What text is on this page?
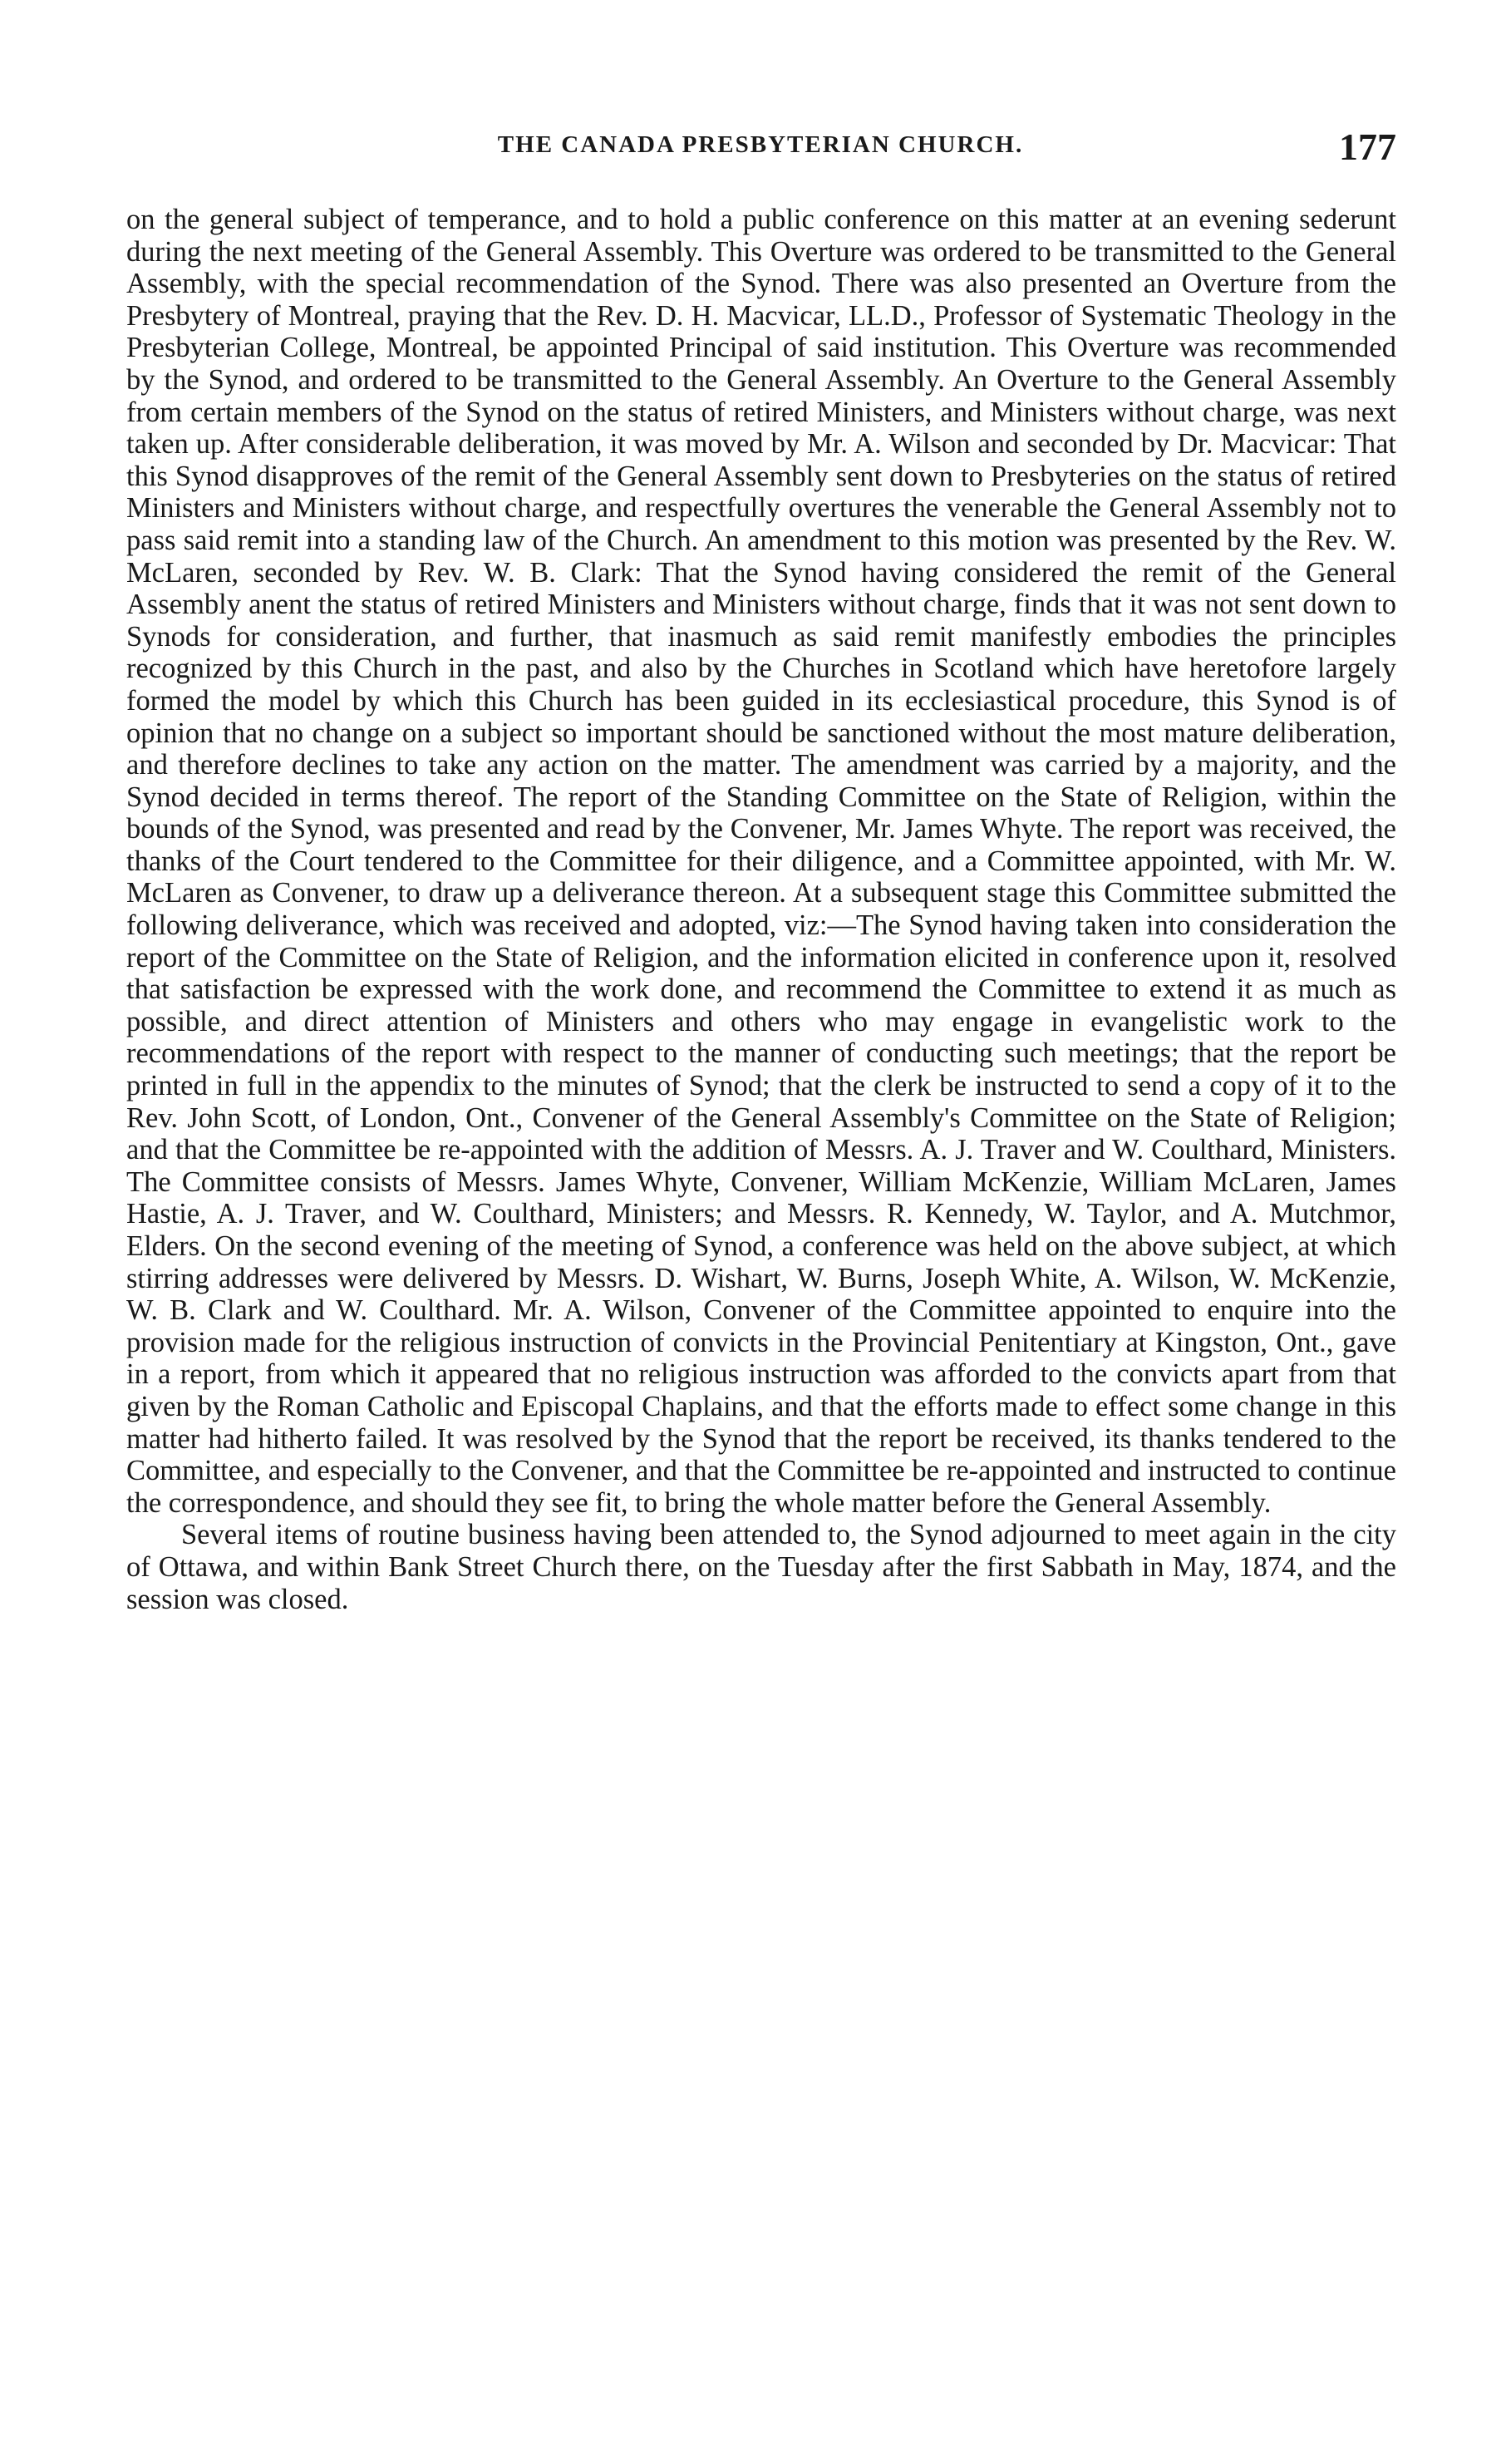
THE CANADA PRESBYTERIAN CHURCH.	177

on the general subject of temperance, and to hold a public conference on this matter at an evening sederunt during the next meeting of the General Assembly. This Overture was ordered to be transmitted to the General Assembly, with the special recommendation of the Synod. There was also presented an Overture from the Presbytery of Montreal, praying that the Rev. D. H. Macvicar, LL.D., Professor of Systematic Theology in the Presbyterian College, Montreal, be appointed Principal of said institution. This Overture was recommended by the Synod, and ordered to be transmitted to the General Assembly. An Overture to the General Assembly from certain members of the Synod on the status of retired Ministers, and Ministers without charge, was next taken up. After considerable deliberation, it was moved by Mr. A. Wilson and seconded by Dr. Macvicar: That this Synod disapproves of the remit of the General Assembly sent down to Presbyteries on the status of retired Ministers and Ministers without charge, and respectfully overtures the venerable the General Assembly not to pass said remit into a standing law of the Church. An amendment to this motion was presented by the Rev. W. McLaren, seconded by Rev. W. B. Clark: That the Synod having considered the remit of the General Assembly anent the status of retired Ministers and Ministers without charge, finds that it was not sent down to Synods for consideration, and further, that inasmuch as said remit manifestly embodies the principles recognized by this Church in the past, and also by the Churches in Scotland which have heretofore largely formed the model by which this Church has been guided in its ecclesiastical procedure, this Synod is of opinion that no change on a subject so important should be sanctioned without the most mature deliberation, and therefore declines to take any action on the matter. The amendment was carried by a majority, and the Synod decided in terms thereof. The report of the Standing Committee on the State of Religion, within the bounds of the Synod, was presented and read by the Convener, Mr. James Whyte. The report was received, the thanks of the Court tendered to the Committee for their diligence, and a Committee appointed, with Mr. W. McLaren as Convener, to draw up a deliverance thereon. At a subsequent stage this Committee submitted the following deliverance, which was received and adopted, viz:—The Synod having taken into consideration the report of the Committee on the State of Religion, and the information elicited in conference upon it, resolved that satisfaction be expressed with the work done, and recommend the Committee to extend it as much as possible, and direct attention of Ministers and others who may engage in evangelistic work to the recommendations of the report with respect to the manner of conducting such meetings; that the report be printed in full in the appendix to the minutes of Synod; that the clerk be instructed to send a copy of it to the Rev. John Scott, of London, Ont., Convener of the General Assembly's Committee on the State of Religion; and that the Committee be re-appointed with the addition of Messrs. A. J. Traver and W. Coulthard, Ministers. The Committee consists of Messrs. James Whyte, Convener, William McKenzie, William McLaren, James Hastie, A. J. Traver, and W. Coulthard, Ministers; and Messrs. R. Kennedy, W. Taylor, and A. Mutchmor, Elders. On the second evening of the meeting of Synod, a conference was held on the above subject, at which stirring addresses were delivered by Messrs. D. Wishart, W. Burns, Joseph White, A. Wilson, W. McKenzie, W. B. Clark and W. Coulthard. Mr. A. Wilson, Convener of the Committee appointed to enquire into the provision made for the religious instruction of convicts in the Provincial Penitentiary at Kingston, Ont., gave in a report, from which it appeared that no religious instruction was afforded to the convicts apart from that given by the Roman Catholic and Episcopal Chaplains, and that the efforts made to effect some change in this matter had hitherto failed. It was resolved by the Synod that the report be received, its thanks tendered to the Committee, and especially to the Convener, and that the Committee be re-appointed and instructed to continue the correspondence, and should they see fit, to bring the whole matter before the General Assembly.

Several items of routine business having been attended to, the Synod adjourned to meet again in the city of Ottawa, and within Bank Street Church there, on the Tuesday after the first Sabbath in May, 1874, and the session was closed.
